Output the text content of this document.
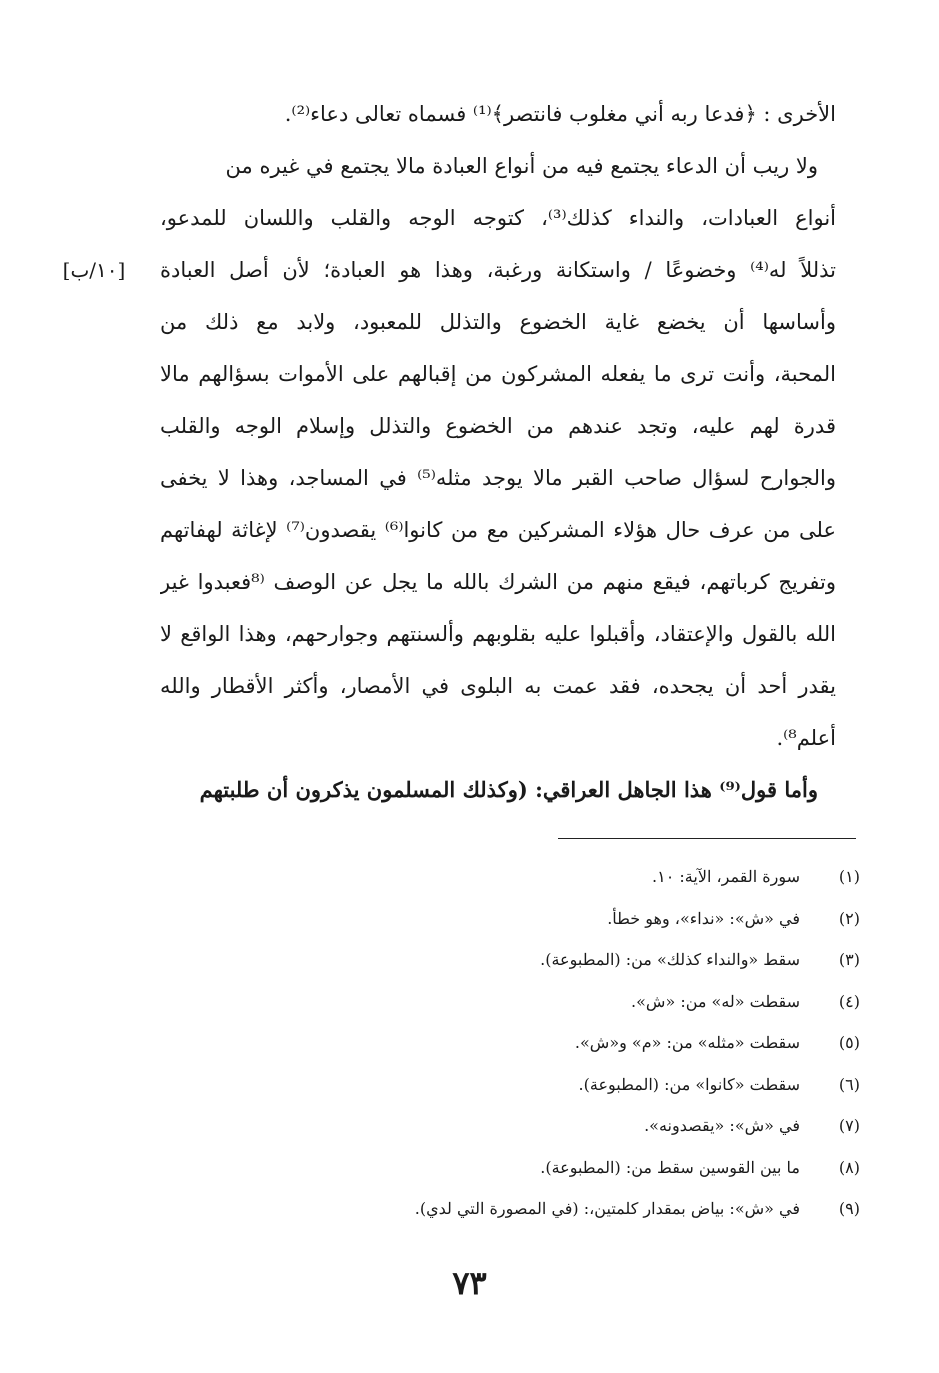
الأخرى : ﴿فدعا ربه أني مغلوب فانتصر﴾⁽¹⁾ فسماه تعالى دعاء⁽²⁾.
ولا ريب أن الدعاء يجتمع فيه من أنواع العبادة مالا يجتمع في غيره من
أنواع العبادات، والنداء كذلك⁽³⁾، كتوجه الوجه والقلب واللسان للمدعو،
تذللاً له⁽⁴⁾ وخضوعًا / واستكانة ورغبة، وهذا هو العبادة؛ لأن أصل العبادة
وأساسها أن يخضع غاية الخضوع والتذلل للمعبود، ولابد مع ذلك من
المحبة، وأنت ترى ما يفعله المشركون من إقبالهم على الأموات بسؤالهم مالا
قدرة لهم عليه، وتجد عندهم من الخضوع والتذلل وإسلام الوجه والقلب
والجوارح لسؤال صاحب القبر مالا يوجد مثله⁽⁵⁾ في المساجد، وهذا لا يخفى
على من عرف حال هؤلاء المشركين مع من كانوا⁽⁶⁾ يقصدون⁽⁷⁾ لإغاثة لهفاتهم
وتفريج كرباتهم، فيقع منهم من الشرك بالله ما يجل عن الوصف ⁽⁸فعبدوا غير
الله بالقول والإعتقاد، وأقبلوا عليه بقلوبهم وألسنتهم وجوارحهم، وهذا الواقع لا
يقدر أحد أن يجحده، فقد عمت به البلوى في الأمصار، وأكثر الأقطار والله
أعلم⁸⁾.
وأما قول⁽⁹⁾ هذا الجاهل العراقي: (وكذلك المسلمون يذكرون أن طلبتهم
[١٠/ب]
(١)
سورة القمر، الآية: ١٠.
(٢)
في «ش»: «نداء»، وهو خطأ.
(٣)
سقط «والنداء كذلك» من: (المطبوعة).
(٤)
سقطت «له» من: «ش».
(٥)
سقطت «مثله» من: «م» و«ش».
(٦)
سقطت «كانوا» من: (المطبوعة).
(٧)
في «ش»: «يقصدونه».
(٨)
ما بين القوسين سقط من: (المطبوعة).
(٩)
في «ش»: بياض بمقدار كلمتين،: (في المصورة التي لدي).
٧٣
